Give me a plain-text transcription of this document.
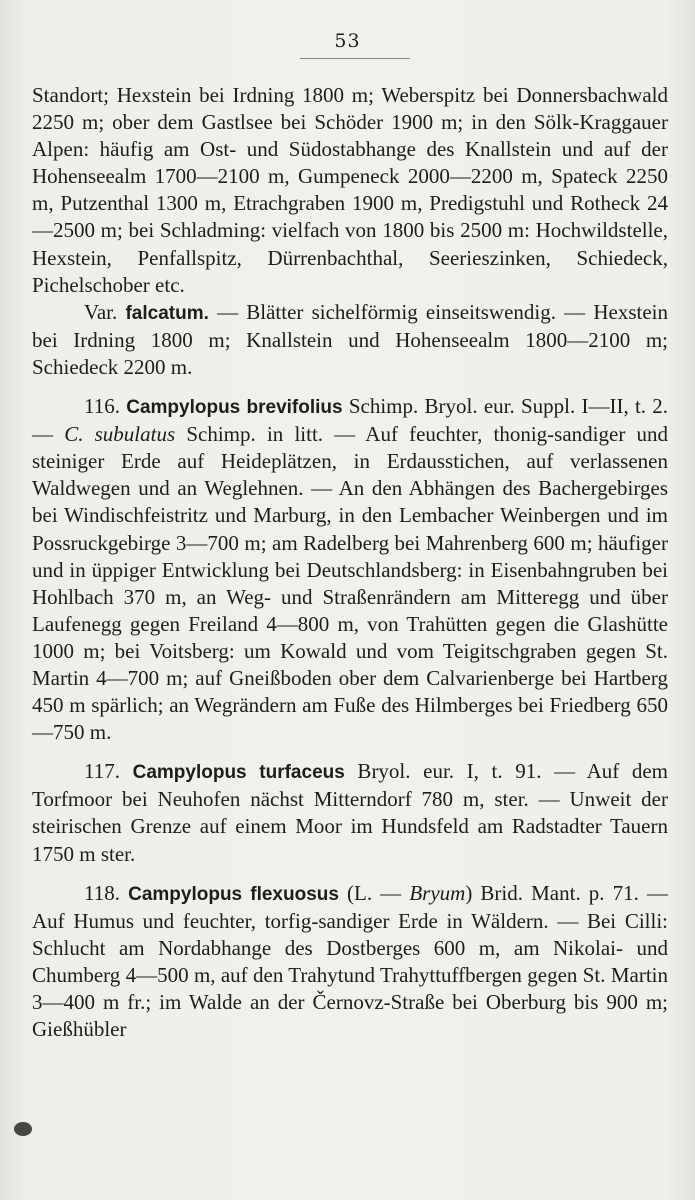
53

Standort; Hexstein bei Irdning 1800 m; Weberspitz bei Donnersbachwald 2250 m; ober dem Gastlsee bei Schöder 1900 m; in den Sölk-Kraggauer Alpen: häufig am Ost- und Südostabhange des Knallstein und auf der Hohenseealm 1700—2100 m, Gumpeneck 2000—2200 m, Spateck 2250 m, Putzenthal 1300 m, Etrachgraben 1900 m, Predigstuhl und Rotheck 24—2500 m; bei Schladming: vielfach von 1800 bis 2500 m: Hochwildstelle, Hexstein, Penfallspitz, Dürrenbachthal, Seerieszinken, Schiedeck, Pichelschober etc.

Var. falcatum. — Blätter sichelförmig einseitswendig. — Hexstein bei Irdning 1800 m; Knallstein und Hohenseealm 1800—2100 m; Schiedeck 2200 m.

116. Campylopus brevifolius Schimp. Bryol. eur. Suppl. I—II, t. 2. — C. subulatus Schimp. in litt. — Auf feuchter, thonig-sandiger und steiniger Erde auf Heideplätzen, in Erdausstichen, auf verlassenen Waldwegen und an Weglehnen. — An den Abhängen des Bachergebirges bei Windischfeistritz und Marburg, in den Lembacher Weinbergen und im Possruckgebirge 3—700 m; am Radelberg bei Mahrenberg 600 m; häufiger und in üppiger Entwicklung bei Deutschlandsberg: in Eisenbahngruben bei Hohlbach 370 m, an Weg- und Straßenrändern am Mitteregg und über Laufenegg gegen Freiland 4—800 m, von Trahütten gegen die Glashütte 1000 m; bei Voitsberg: um Kowald und vom Teigitschgraben gegen St. Martin 4—700 m; auf Gneißboden ober dem Calvarienberge bei Hartberg 450 m spärlich; an Wegrändern am Fuße des Hilmberges bei Friedberg 650—750 m.

117. Campylopus turfaceus Bryol. eur. I, t. 91. — Auf dem Torfmoor bei Neuhofen nächst Mitterndorf 780 m, ster. — Unweit der steirischen Grenze auf einem Moor im Hundsfeld am Radstadter Tauern 1750 m ster.

118. Campylopus flexuosus (L. — Bryum) Brid. Mant. p. 71. — Auf Humus und feuchter, torfig-sandiger Erde in Wäldern. — Bei Cilli: Schlucht am Nordabhange des Dostberges 600 m, am Nikolai- und Chumberg 4—500 m, auf den Trahytund Trahyttuffbergen gegen St. Martin 3—400 m fr.; im Walde an der Černovz-Straße bei Oberburg bis 900 m; Gießhübler
